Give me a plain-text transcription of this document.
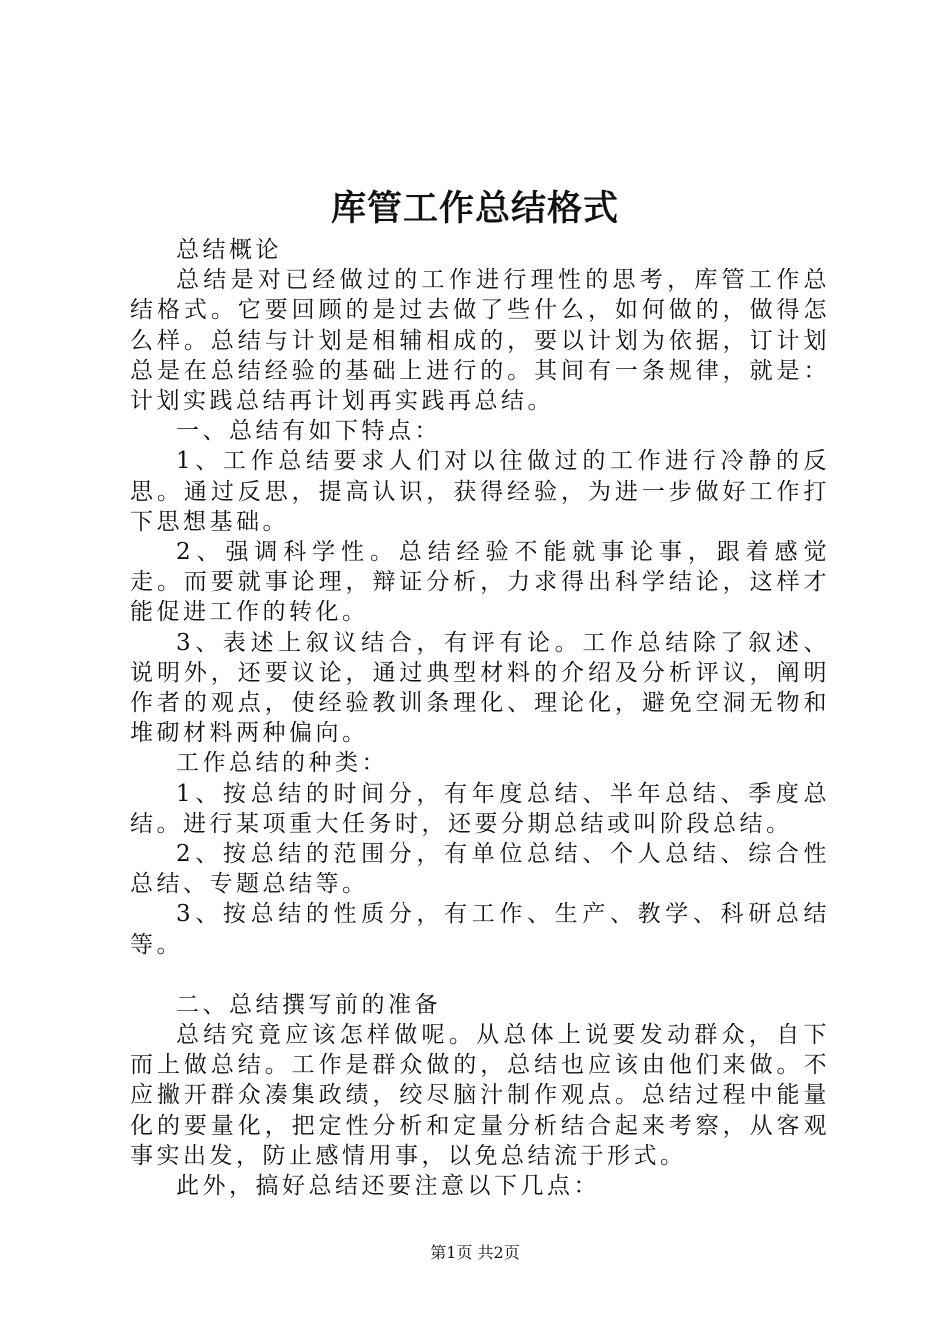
库管工作总结格式

总结概论

总结是对已经做过的工作进行理性的思考，库管工作总结格式。它要回顾的是过去做了些什么，如何做的，做得怎么样。总结与计划是相辅相成的，要以计划为依据，订计划总是在总结经验的基础上进行的。其间有一条规律，就是：计划实践总结再计划再实践再总结。

一、总结有如下特点：

1、工作总结要求人们对以往做过的工作进行冷静的反思。通过反思，提高认识，获得经验，为进一步做好工作打下思想基础。

2、强调科学性。总结经验不能就事论事，跟着感觉走。而要就事论理，辩证分析，力求得出科学结论，这样才能促进工作的转化。

3、表述上叙议结合，有评有论。工作总结除了叙述、说明外，还要议论，通过典型材料的介绍及分析评议，阐明作者的观点，使经验教训条理化、理论化，避免空洞无物和堆砌材料两种偏向。

工作总结的种类：

1、按总结的时间分，有年度总结、半年总结、季度总结。进行某项重大任务时，还要分期总结或叫阶段总结。

2、按总结的范围分，有单位总结、个人总结、综合性总结、专题总结等。

3、按总结的性质分，有工作、生产、教学、科研总结等。

二、总结撰写前的准备

总结究竟应该怎样做呢。从总体上说要发动群众，自下而上做总结。工作是群众做的，总结也应该由他们来做。不应撇开群众凑集政绩，绞尽脑汁制作观点。总结过程中能量化的要量化，把定性分析和定量分析结合起来考察，从客观事实出发，防止感情用事，以免总结流于形式。

此外，搞好总结还要注意以下几点：

第1页 共2页
